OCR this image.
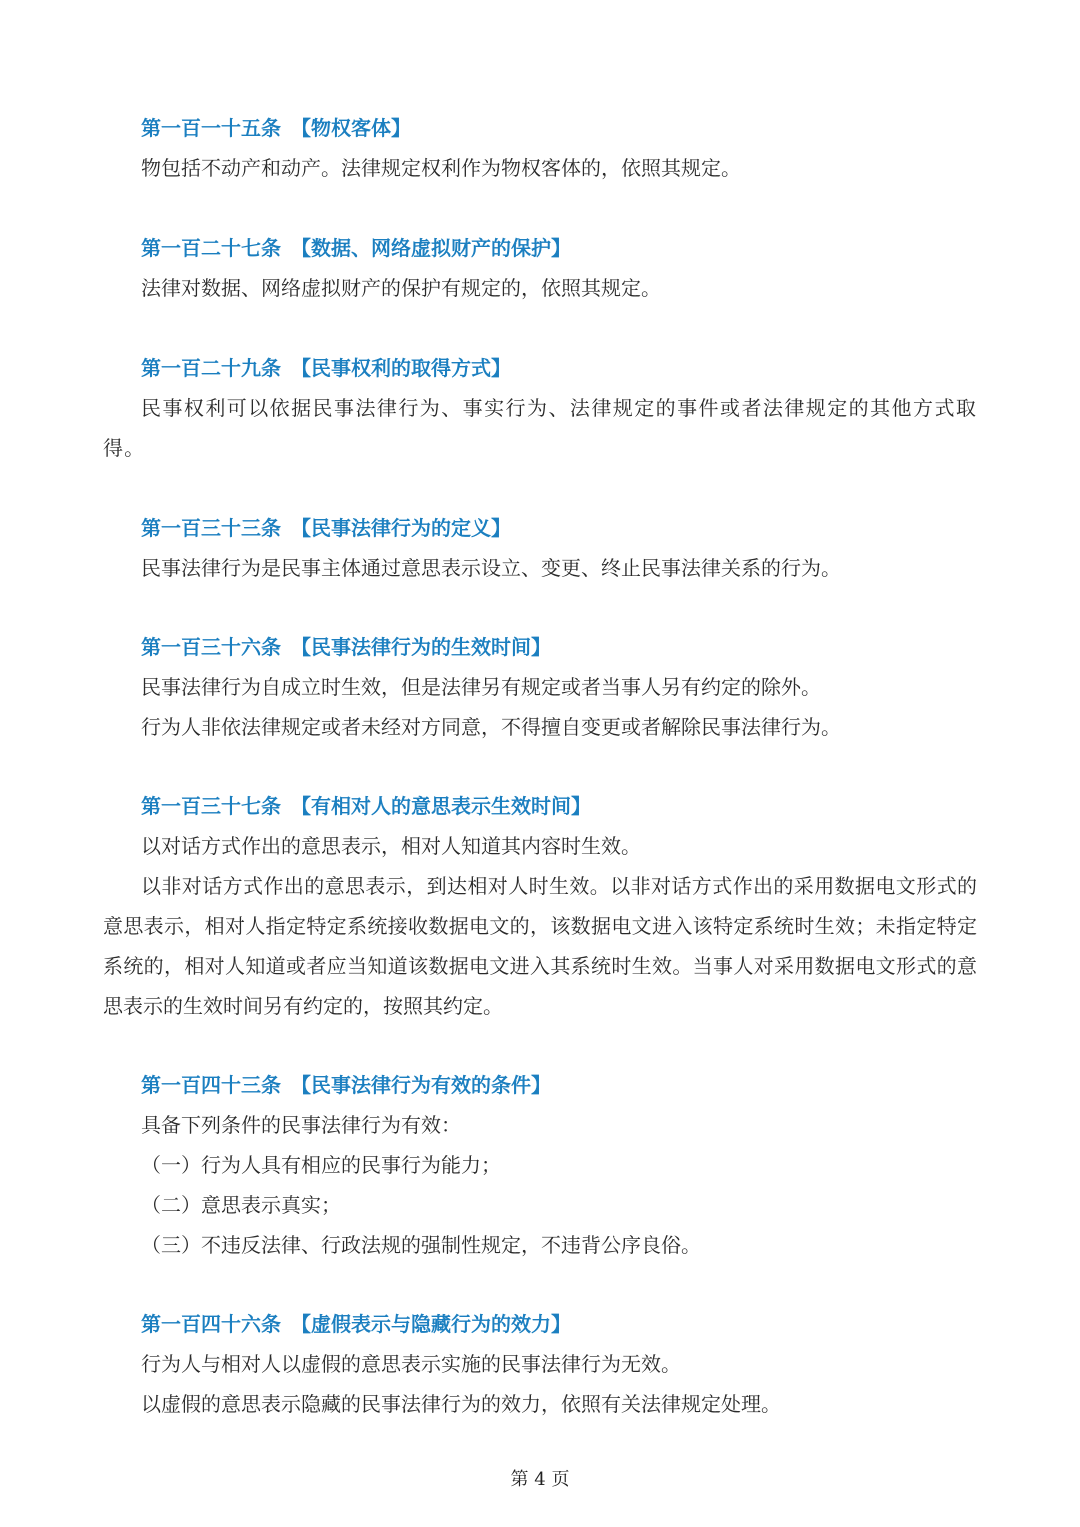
第一百一十五条 【物权客体】

物包括不动产和动产。法律规定权利作为物权客体的，依照其规定。

第一百二十七条 【数据、网络虚拟财产的保护】

法律对数据、网络虚拟财产的保护有规定的，依照其规定。

第一百二十九条 【民事权利的取得方式】

民事权利可以依据民事法律行为、事实行为、法律规定的事件或者法律规定的其他方式取得。

第一百三十三条 【民事法律行为的定义】

民事法律行为是民事主体通过意思表示设立、变更、终止民事法律关系的行为。

第一百三十六条 【民事法律行为的生效时间】

民事法律行为自成立时生效，但是法律另有规定或者当事人另有约定的除外。

行为人非依法律规定或者未经对方同意，不得擅自变更或者解除民事法律行为。

第一百三十七条 【有相对人的意思表示生效时间】

以对话方式作出的意思表示，相对人知道其内容时生效。

以非对话方式作出的意思表示，到达相对人时生效。以非对话方式作出的采用数据电文形式的意思表示，相对人指定特定系统接收数据电文的，该数据电文进入该特定系统时生效；未指定特定系统的，相对人知道或者应当知道该数据电文进入其系统时生效。当事人对采用数据电文形式的意思表示的生效时间另有约定的，按照其约定。

第一百四十三条 【民事法律行为有效的条件】

具备下列条件的民事法律行为有效：

（一）行为人具有相应的民事行为能力；

（二）意思表示真实；

（三）不违反法律、行政法规的强制性规定，不违背公序良俗。

第一百四十六条 【虚假表示与隐藏行为的效力】

行为人与相对人以虚假的意思表示实施的民事法律行为无效。

以虚假的意思表示隐藏的民事法律行为的效力，依照有关法律规定处理。

第 4 页
